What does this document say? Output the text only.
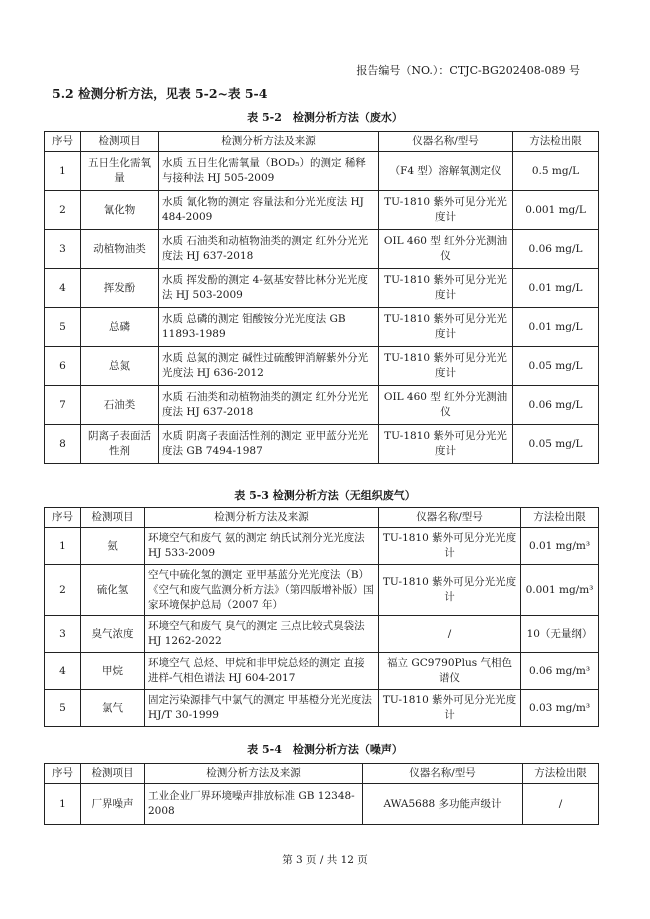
报告编号（NO.）：CTJC-BG202408-089 号
5.2 检测分析方法，见表 5-2~表 5-4
表 5-2　检测分析方法（废水）
序号	检测项目	检测分析方法及来源	仪器名称/型号	方法检出限
1	五日生化需氧量	水质 五日生化需氧量（BOD₅）的测定 稀释与接种法 HJ 505-2009	（F4 型）溶解氧测定仪	0.5 mg/L
2	氰化物	水质 氰化物的测定 容量法和分光光度法 HJ 484-2009	TU-1810 紫外可见分光光度计	0.001 mg/L
3	动植物油类	水质 石油类和动植物油类的测定 红外分光光度法 HJ 637-2018	OIL 460 型 红外分光测油仪	0.06 mg/L
4	挥发酚	水质 挥发酚的测定 4-氨基安替比林分光光度法 HJ 503-2009	TU-1810 紫外可见分光光度计	0.01 mg/L
5	总磷	水质 总磷的测定 钼酸铵分光光度法 GB 11893-1989	TU-1810 紫外可见分光光度计	0.01 mg/L
6	总氮	水质 总氮的测定 碱性过硫酸钾消解紫外分光光度法 HJ 636-2012	TU-1810 紫外可见分光光度计	0.05 mg/L
7	石油类	水质 石油类和动植物油类的测定 红外分光光度法 HJ 637-2018	OIL 460 型 红外分光测油仪	0.06 mg/L
8	阴离子表面活性剂	水质 阴离子表面活性剂的测定 亚甲蓝分光光度法 GB 7494-1987	TU-1810 紫外可见分光光度计	0.05 mg/L
表 5-3 检测分析方法（无组织废气）
序号	检测项目	检测分析方法及来源	仪器名称/型号	方法检出限
1	氨	环境空气和废气 氨的测定 纳氏试剂分光光度法 HJ 533-2009	TU-1810 紫外可见分光光度计	0.01 mg/m³
2	硫化氢	空气中硫化氢的测定 亚甲基蓝分光光度法（B）《空气和废气监测分析方法》（第四版增补版）国家环境保护总局（2007 年）	TU-1810 紫外可见分光光度计	0.001 mg/m³
3	臭气浓度	环境空气和废气 臭气的测定 三点比较式臭袋法 HJ 1262-2022	/	10（无量纲）
4	甲烷	环境空气 总烃、甲烷和非甲烷总烃的测定 直接进样-气相色谱法 HJ 604-2017	福立 GC9790Plus 气相色谱仪	0.06 mg/m³
5	氯气	固定污染源排气中氯气的测定 甲基橙分光光度法 HJ/T 30-1999	TU-1810 紫外可见分光光度计	0.03 mg/m³
表 5-4　检测分析方法（噪声）
序号	检测项目	检测分析方法及来源	仪器名称/型号	方法检出限
1	厂界噪声	工业企业厂界环境噪声排放标准 GB 12348-2008	AWA5688 多功能声级计	/
第 3 页 / 共 12 页
